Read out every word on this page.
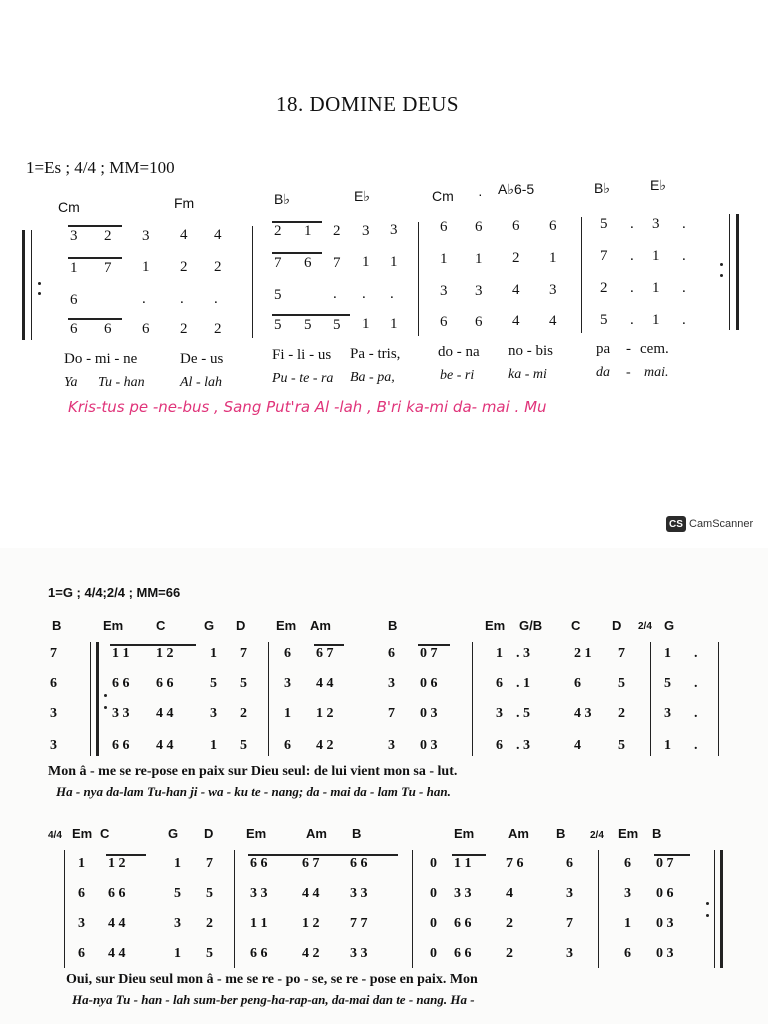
18. DOMINE DEUS
1=Es ; 4/4 ; MM=100
Cm	Fm	B♭	E♭	Cm · A♭6-5	B♭	E♭
3 2 3 4 4	2 1 2 3 3	6 6 6 6	5 . 3 .
1 7 1 2 2	7 6 7 1 1	1 1 2 1	7 . 1 .
6	. . .	5	. . .	3 3 4 3	2 . 1 .
6 6 6 2 2	5 5 5 1 1	6 6 4 4	5 . 1 .
Do - mi - ne	De - us	Fi - li - us Pa - tris,	do - na no - bis	pa - cem.
Ya Tu - han	Al - lah	Pu - te - ra Ba - pa,	be - ri ka - mi	da - mai.
Kris-tus pe -ne-bus , Sang Put'ra Al -lah , B'ri ka-mi da- mai . Mu
CS CamScanner
1=G ; 4/4;2/4 ; MM=66
B	Em	C	G D Em Am	B	Em G/B C D 2/4 G
7	1 1 1 2	1 7	6 6 7	6 0 7	1 . 3	2 1 7	1 .
6	6 6 6 6	5 5	3 4 4	3 0 6	6 . 1	6	5	5 .
3	3 3 4 4	3 2	1 1 2	7 0 3	3 . 5	4 3 2	3 .
3	6 6 4 4	1 5	6 4 2	3 0 3	6 . 3	4	5	1 .
Mon â - me se re-pose en paix sur Dieu seul: de lui vient mon sa - lut.
Ha - nya da-lam Tu-han ji - wa - ku te - nang; da - mai da - lam Tu - han.
4/4 Em C	G D	Em	Am B	Em	Am B 2/4 Em B
1 1 2	1 7	6 6 6 7 6 6	0 1 1 7 6	6	6 0 7
6 6 6	5 5	3 3 4 4 3 3	0 3 3 4	3	3 0 6
3 4 4	3 2	1 1 1 2 7 7	0 6 6 2	7	1 0 3
6 4 4	1 5	6 6 4 2 3 3	0 6 6 2	3	6 0 3
Oui, sur Dieu seul mon â - me se re - po - se, se re - pose en paix. Mon
Ha-nya Tu - han - lah sum-ber peng-ha-rap-an, da-mai dan te - nang. Ha -
